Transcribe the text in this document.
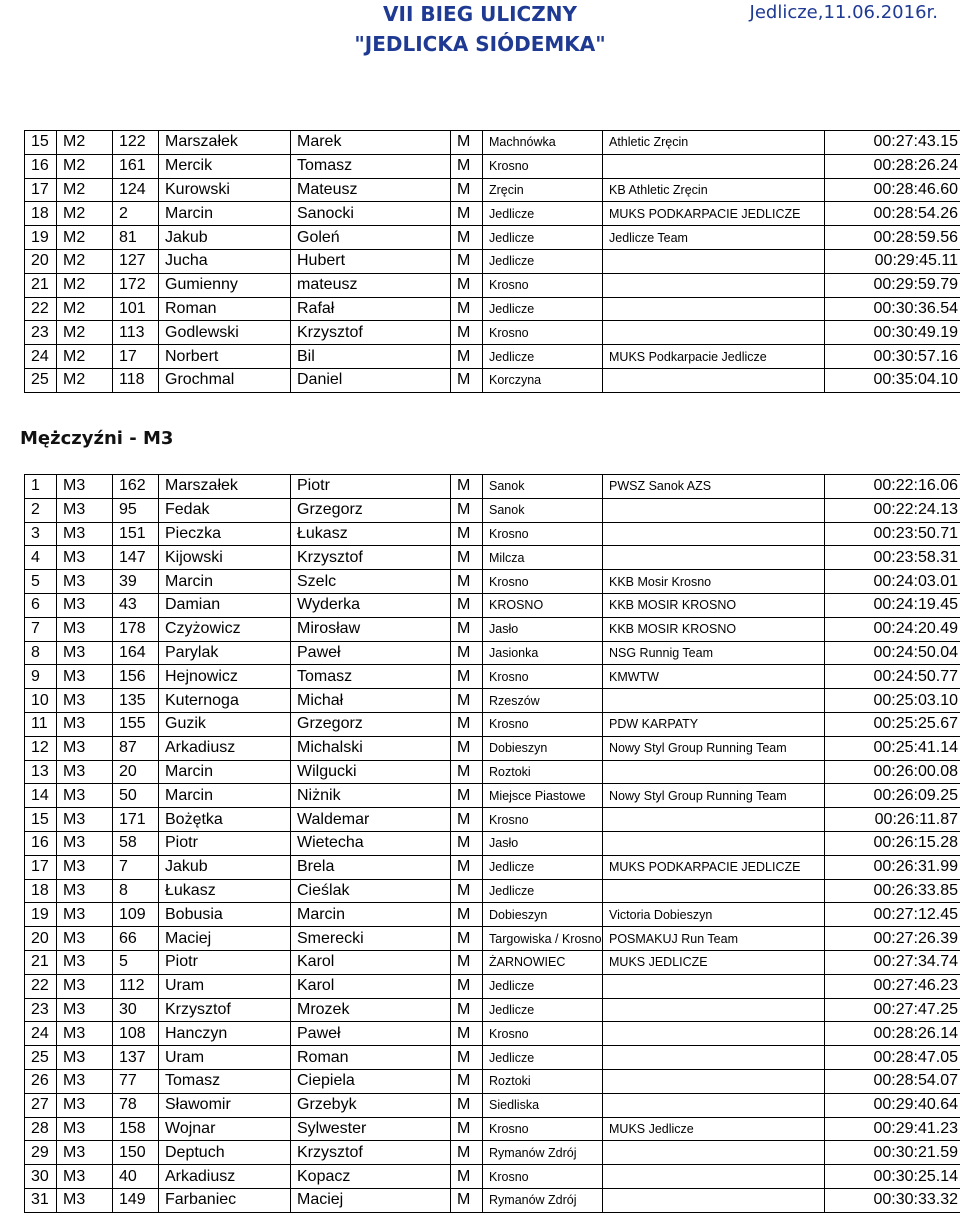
VII BIEG ULICZNY
"JEDLICKA SIÓDEMKA"
Jedlicze,11.06.2016r.
15	M2	122	Marszałek	Marek	M	Machnówka	Athletic Zręcin	00:27:43.15
16	M2	161	Mercik	Tomasz	M	Krosno		00:28:26.24
17	M2	124	Kurowski	Mateusz	M	Zręcin	KB Athletic Zręcin	00:28:46.60
18	M2	2	Marcin	Sanocki	M	Jedlicze	MUKS PODKARPACIE JEDLICZE	00:28:54.26
19	M2	81	Jakub	Goleń	M	Jedlicze	Jedlicze Team	00:28:59.56
20	M2	127	Jucha	Hubert	M	Jedlicze		00:29:45.11
21	M2	172	Gumienny	mateusz	M	Krosno		00:29:59.79
22	M2	101	Roman	Rafał	M	Jedlicze		00:30:36.54
23	M2	113	Godlewski	Krzysztof	M	Krosno		00:30:49.19
24	M2	17	Norbert	Bil	M	Jedlicze	MUKS Podkarpacie Jedlicze	00:30:57.16
25	M2	118	Grochmal	Daniel	M	Korczyna		00:35:04.10
Mężczyźni - M3
1	M3	162	Marszałek	Piotr	M	Sanok	PWSZ Sanok AZS	00:22:16.06
2	M3	95	Fedak	Grzegorz	M	Sanok		00:22:24.13
3	M3	151	Pieczka	Łukasz	M	Krosno		00:23:50.71
4	M3	147	Kijowski	Krzysztof	M	Milcza		00:23:58.31
5	M3	39	Marcin	Szelc	M	Krosno	KKB Mosir Krosno	00:24:03.01
6	M3	43	Damian	Wyderka	M	KROSNO	KKB MOSIR KROSNO	00:24:19.45
7	M3	178	Czyżowicz	Mirosław	M	Jasło	KKB MOSIR KROSNO	00:24:20.49
8	M3	164	Parylak	Paweł	M	Jasionka	NSG Runnig Team	00:24:50.04
9	M3	156	Hejnowicz	Tomasz	M	Krosno	KMWTW	00:24:50.77
10	M3	135	Kuternoga	Michał	M	Rzeszów		00:25:03.10
11	M3	155	Guzik	Grzegorz	M	Krosno	PDW KARPATY	00:25:25.67
12	M3	87	Arkadiusz	Michalski	M	Dobieszyn	Nowy Styl Group Running Team	00:25:41.14
13	M3	20	Marcin	Wilgucki	M	Roztoki		00:26:00.08
14	M3	50	Marcin	Niżnik	M	Miejsce Piastowe	Nowy Styl Group Running Team	00:26:09.25
15	M3	171	Bożętka	Waldemar	M	Krosno		00:26:11.87
16	M3	58	Piotr	Wietecha	M	Jasło		00:26:15.28
17	M3	7	Jakub	Brela	M	Jedlicze	MUKS PODKARPACIE JEDLICZE	00:26:31.99
18	M3	8	Łukasz	Cieślak	M	Jedlicze		00:26:33.85
19	M3	109	Bobusia	Marcin	M	Dobieszyn	Victoria Dobieszyn	00:27:12.45
20	M3	66	Maciej	Smerecki	M	Targowiska / Krosno	POSMAKUJ Run Team	00:27:26.39
21	M3	5	Piotr	Karol	M	ŻARNOWIEC	MUKS JEDLICZE	00:27:34.74
22	M3	112	Uram	Karol	M	Jedlicze		00:27:46.23
23	M3	30	Krzysztof	Mrozek	M	Jedlicze		00:27:47.25
24	M3	108	Hanczyn	Paweł	M	Krosno		00:28:26.14
25	M3	137	Uram	Roman	M	Jedlicze		00:28:47.05
26	M3	77	Tomasz	Ciepiela	M	Roztoki		00:28:54.07
27	M3	78	Sławomir	Grzebyk	M	Siedliska		00:29:40.64
28	M3	158	Wojnar	Sylwester	M	Krosno	MUKS Jedlicze	00:29:41.23
29	M3	150	Deptuch	Krzysztof	M	Rymanów Zdrój		00:30:21.59
30	M3	40	Arkadiusz	Kopacz	M	Krosno		00:30:25.14
31	M3	149	Farbaniec	Maciej	M	Rymanów Zdrój		00:30:33.32
